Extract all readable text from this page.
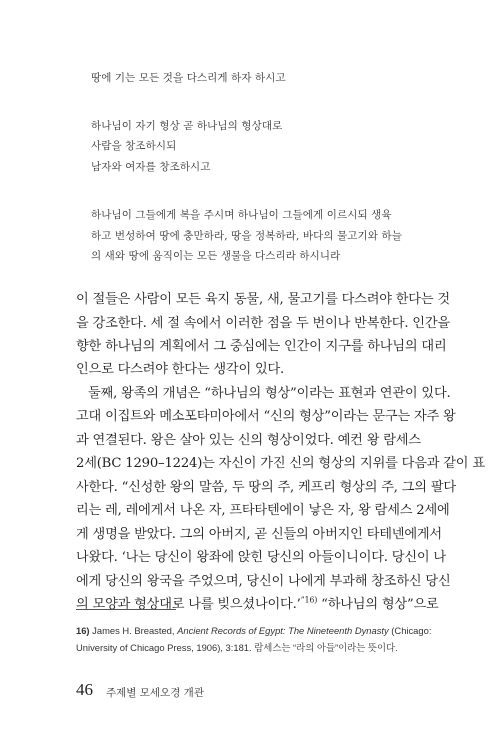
땅에 기는 모든 것을 다스리게 하자 하시고
하나님이 자기 형상 곧 하나님의 형상대로
사람을 창조하시되
남자와 여자를 창조하시고
하나님이 그들에게 복을 주시며 하나님이 그들에게 이르시되 생육
하고 번성하여 땅에 충만하라, 땅을 정복하라, 바다의 물고기와 하늘
의 새와 땅에 움직이는 모든 생물을 다스리라 하시니라
이 절들은 사람이 모든 육지 동물, 새, 물고기를 다스려야 한다는 것
을 강조한다. 세 절 속에서 이러한 점을 두 번이나 반복한다. 인간을
향한 하나님의 계획에서 그 중심에는 인간이 지구를 하나님의 대리
인으로 다스려야 한다는 생각이 있다.
둘째, 왕족의 개념은 “하나님의 형상”이라는 표현과 연관이 있다.
고대 이집트와 메소포타미아에서 “신의 형상”이라는 문구는 자주 왕
과 연결된다. 왕은 살아 있는 신의 형상이었다. 예컨 왕 람세스
2세(BC 1290–1224)는 자신이 가진 신의 형상의 지위를 다음과 같이 표
사한다. “신성한 왕의 말씀, 두 땅의 주, 케프리 형상의 주, 그의 팔다
리는 레, 레에게서 나온 자, 프타타텐에이 낳은 자, 왕 람세스 2세에
게 생명을 받았다. 그의 아버지, 곧 신들의 아버지인 타테넨에게서
나왔다. ‘나는 당신이 왕좌에 앉힌 당신의 아들이니이다. 당신이 나
에게 당신의 왕국을 주었으며, 당신이 나에게 부과해 창조하신 당신
의 모양과 형상대로 나를 빚으셨나이다.’$^{”16)}$ “하나님의 형상”으로
16) James H. Breasted, Ancient Records of Egypt: The Nineteenth Dynasty (Chicago:
University of Chicago Press, 1906), 3:181. 람세스는 “라의 아들”이라는 뜻이다.
46 주제별 모세오경 개관
